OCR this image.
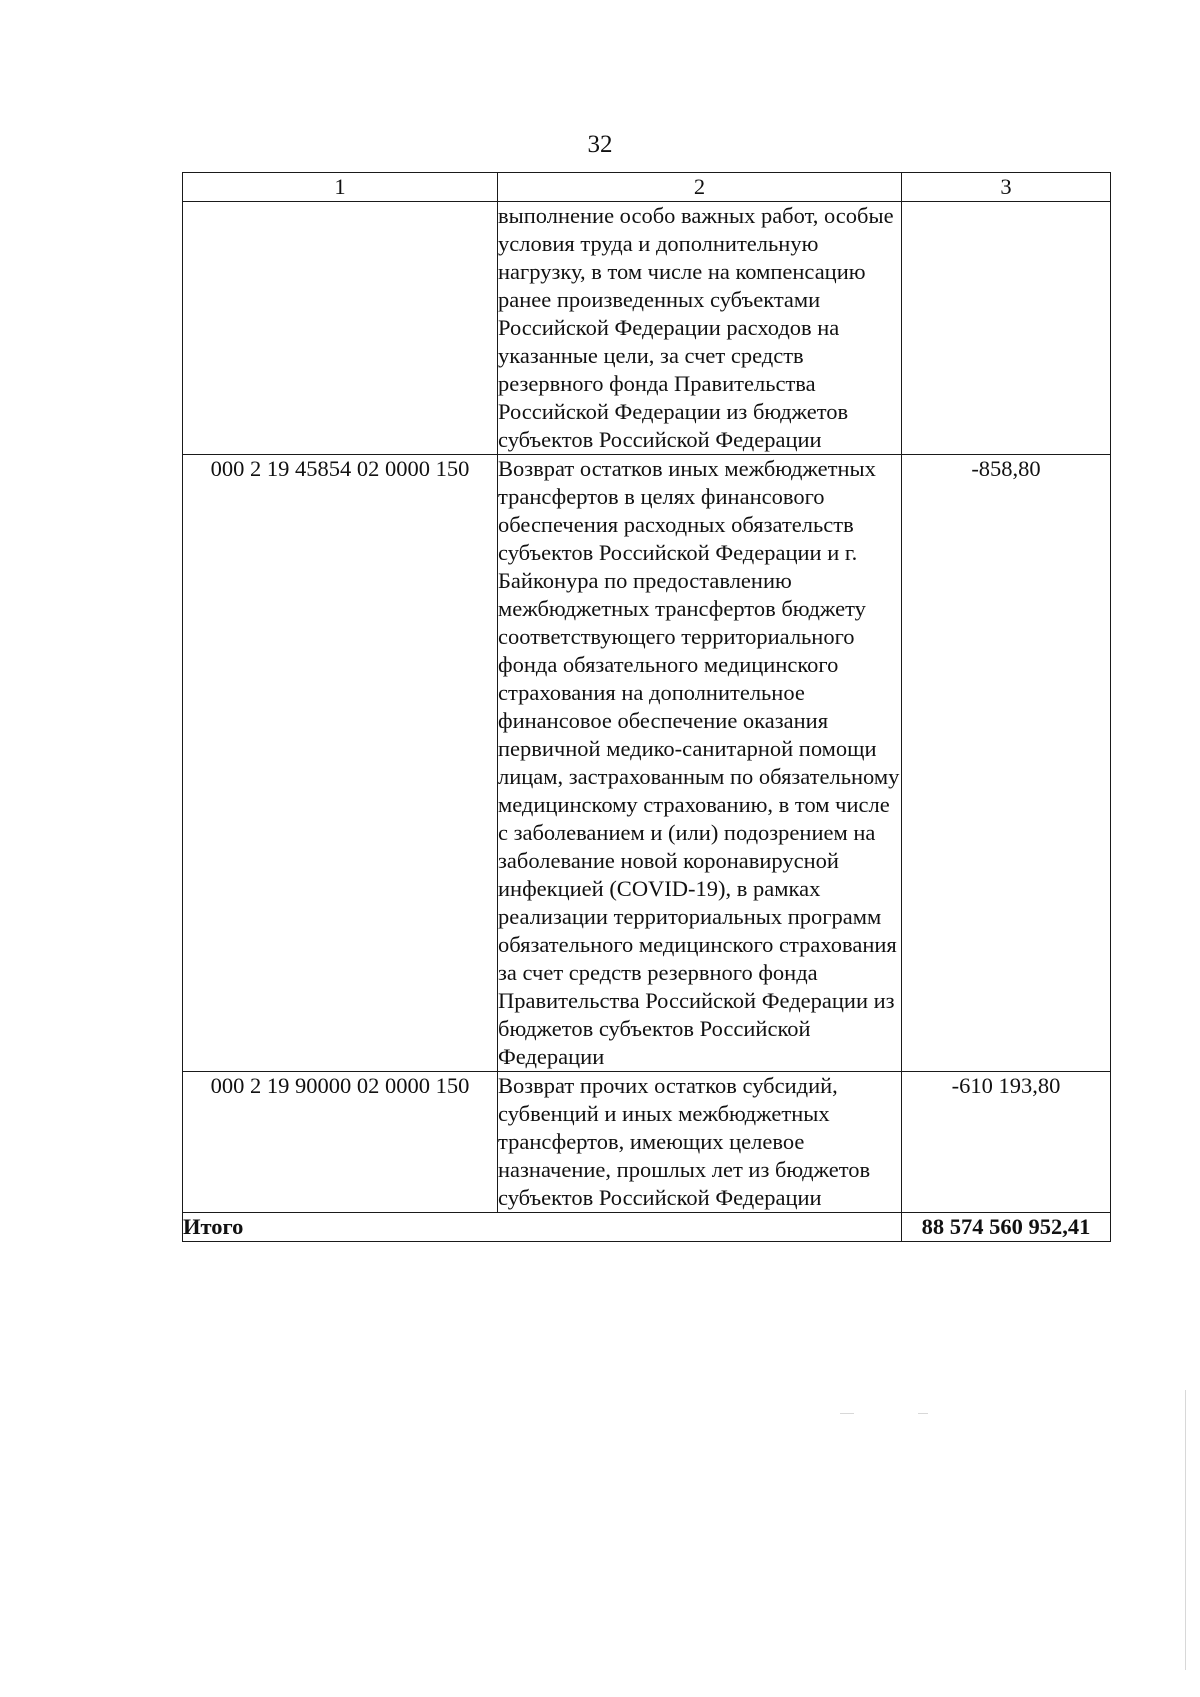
32
1	2	3
	выполнение особо важных работ, особые условия труда и дополнительную нагрузку, в том числе на компенсацию ранее произведенных субъектами Российской Федерации расходов на указанные цели, за счет средств резервного фонда Правительства Российской Федерации из бюджетов субъектов Российской Федерации	
000 2 19 45854 02 0000 150	Возврат остатков иных межбюджетных трансфертов в целях финансового обеспечения расходных обязательств субъектов Российской Федерации и г. Байконура по предоставлению межбюджетных трансфертов бюджету соответствующего территориального фонда обязательного медицинского страхования на дополнительное финансовое обеспечение оказания первичной медико-санитарной помощи лицам, застрахованным по обязательному медицинскому страхованию, в том числе с заболеванием и (или) подозрением на заболевание новой коронавирусной инфекцией (COVID-19), в рамках реализации территориальных программ обязательного медицинского страхования за счет средств резервного фонда Правительства Российской Федерации из бюджетов субъектов Российской Федерации	-858,80
000 2 19 90000 02 0000 150	Возврат прочих остатков субсидий, субвенций и иных межбюджетных трансфертов, имеющих целевое назначение, прошлых лет из бюджетов субъектов Российской Федерации	-610 193,80
Итого		88 574 560 952,41
